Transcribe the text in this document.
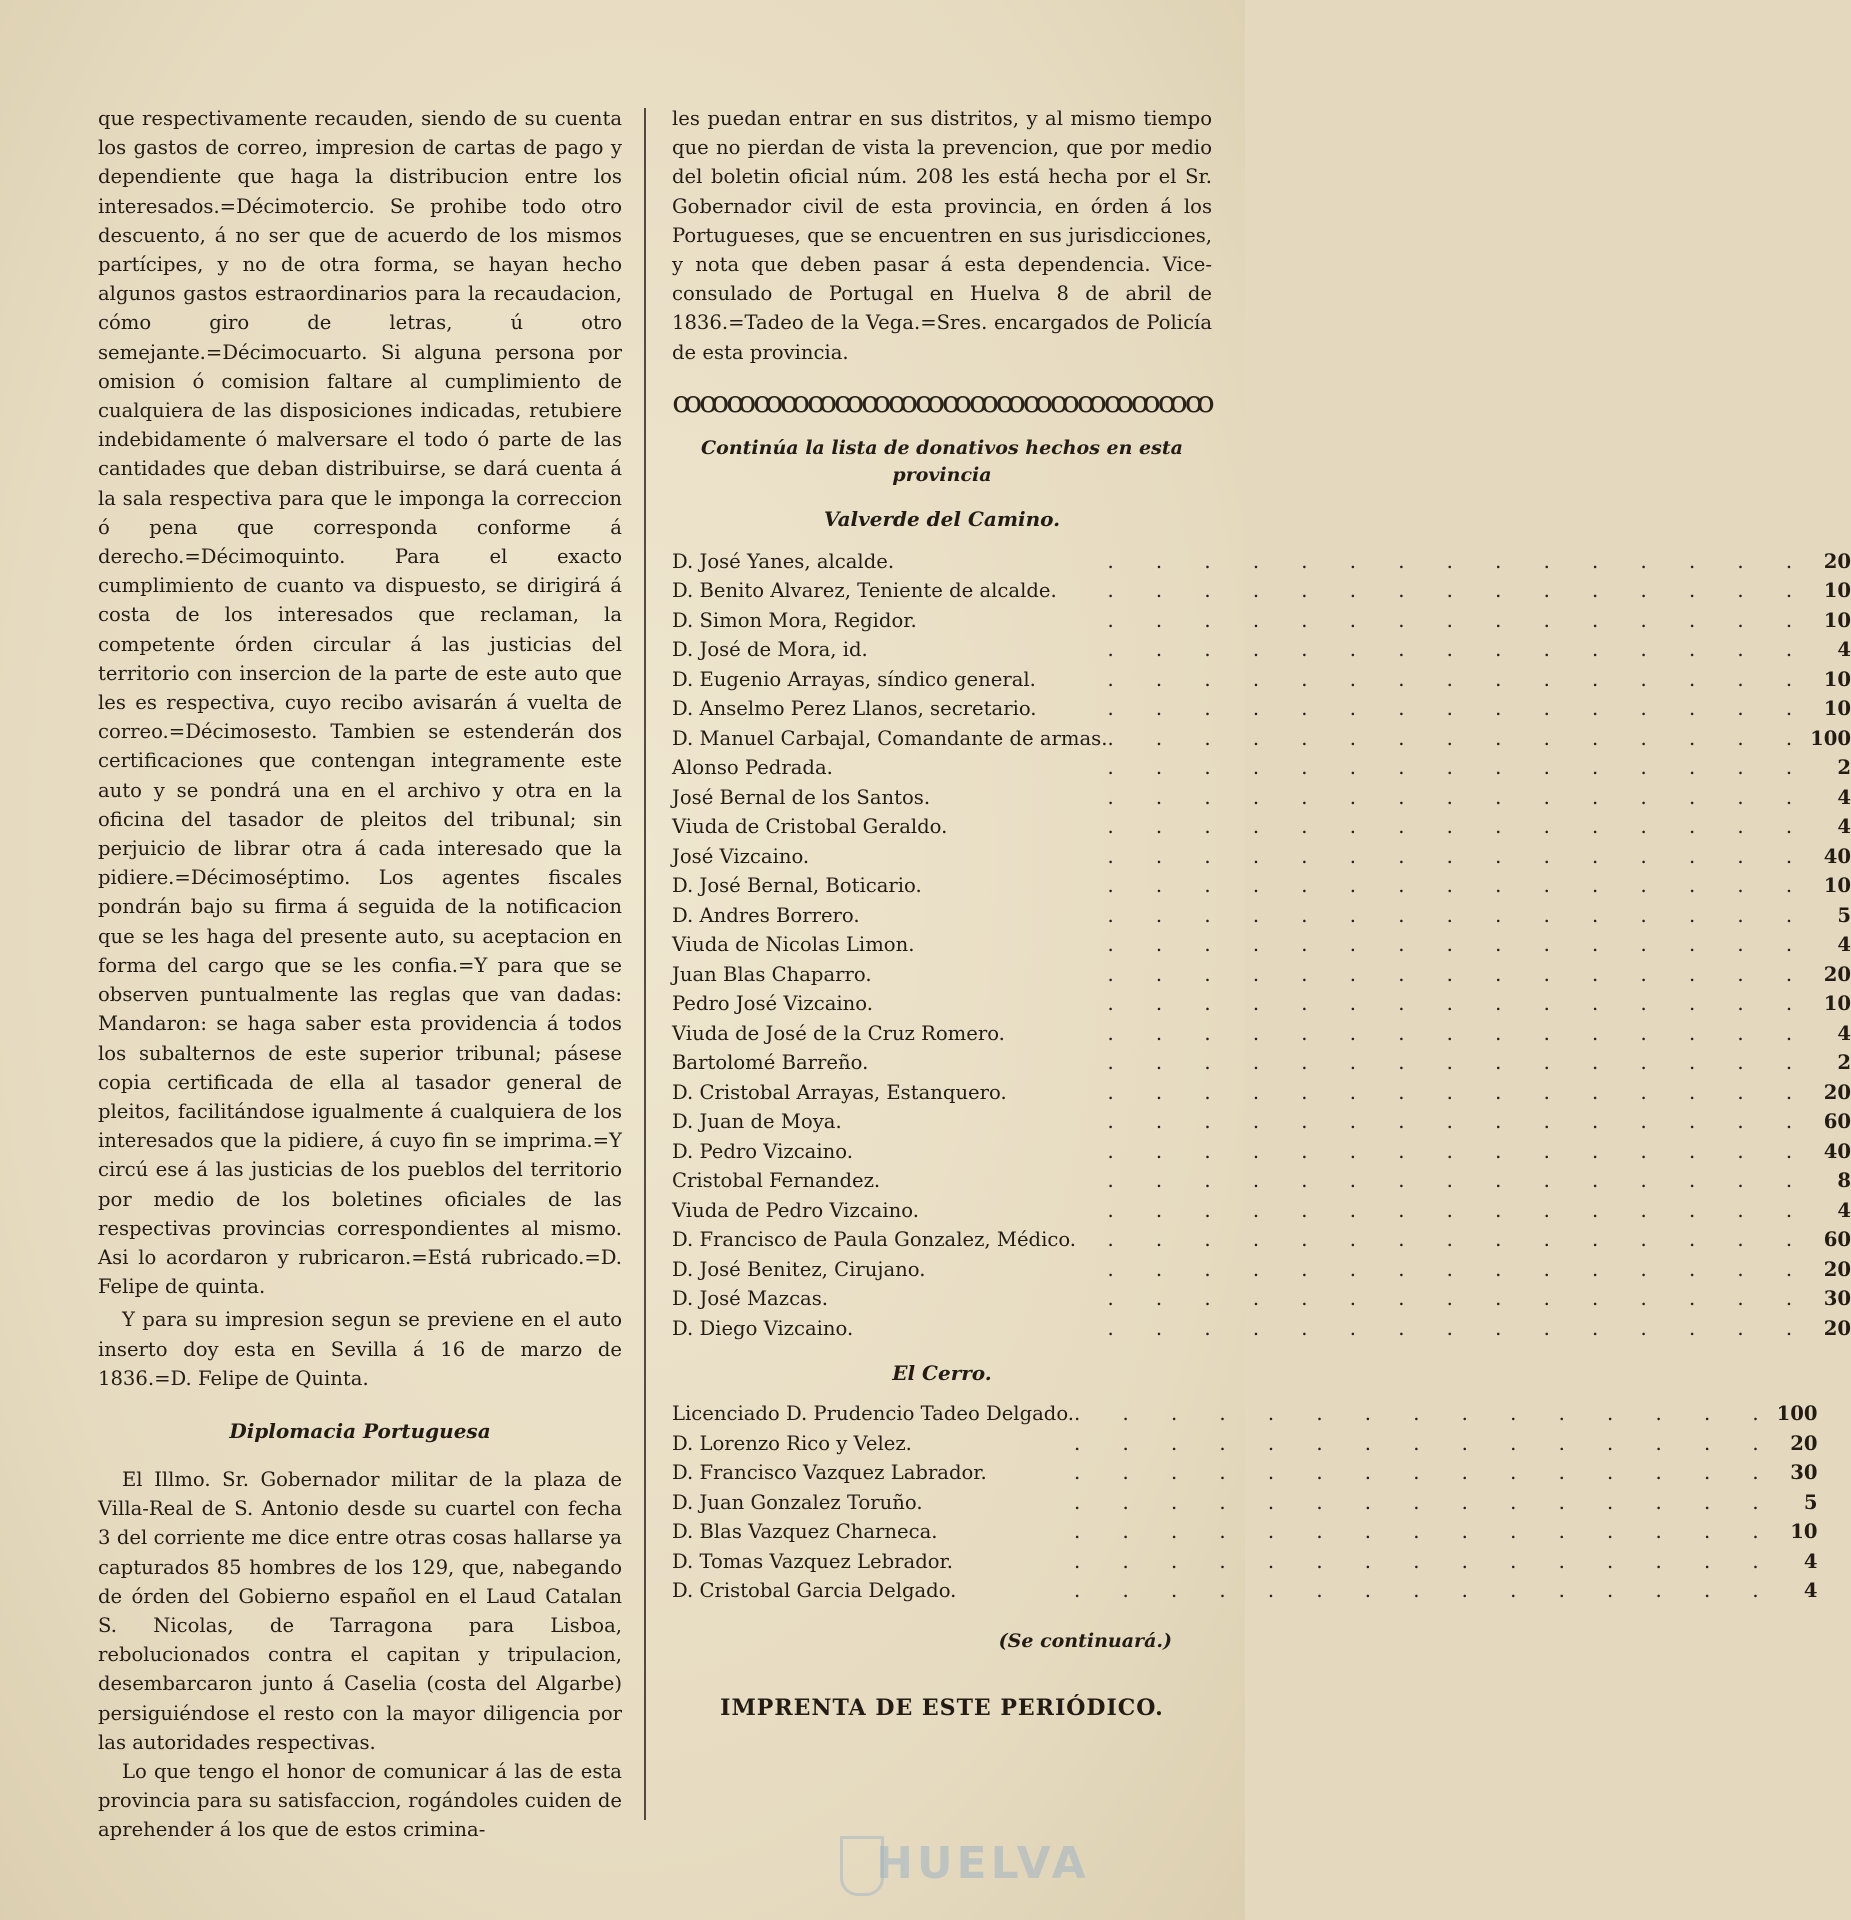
que respectivamente recauden, siendo de su cuenta los gastos de correo, impresion de cartas de pago y dependiente que haga la distribucion entre los interesados.=Décimotercio. Se prohibe todo otro descuento, á no ser que de acuerdo de los mismos partícipes, y no de otra forma, se hayan hecho algunos gastos estraordinarios para la recaudacion, cómo giro de letras, ú otro semejante.=Décimocuarto. Si alguna persona por omision ó comision faltare al cumplimiento de cualquiera de las disposiciones indicadas, retubiere indebidamente ó malversare el todo ó parte de las cantidades que deban distribuirse, se dará cuenta á la sala respectiva para que le imponga la correccion ó pena que corresponda conforme á derecho.=Décimoquinto. Para el exacto cumplimiento de cuanto va dispuesto, se dirigirá á costa de los interesados que reclaman, la competente órden circular á las justicias del territorio con insercion de la parte de este auto que les es respectiva, cuyo recibo avisarán á vuelta de correo.=Décimosesto. Tambien se estenderán dos certificaciones que contengan integramente este auto y se pondrá una en el archivo y otra en la oficina del tasador de pleitos del tribunal; sin perjuicio de librar otra á cada interesado que la pidiere.=Décimoséptimo. Los agentes fiscales pondrán bajo su firma á seguida de la notificacion que se les haga del presente auto, su aceptacion en forma del cargo que se les confia.=Y para que se observen puntualmente las reglas que van dadas: Mandaron: se haga saber esta providencia á todos los subalternos de este superior tribunal; pásese copia certificada de ella al tasador general de pleitos, facilitándose igualmente á cualquiera de los interesados que la pidiere, á cuyo fin se imprima.=Y circú ese á las justicias de los pueblos del territorio por medio de los boletines oficiales de las respectivas provincias correspondientes al mismo. Asi lo acordaron y rubricaron.=Está rubricado.=D. Felipe de quinta.

Y para su impresion segun se previene en el auto inserto doy esta en Sevilla á 16 de marzo de 1836.=D. Felipe de Quinta.

Diplomacia Portuguesa

El Illmo. Sr. Gobernador militar de la plaza de Villa-Real de S. Antonio desde su cuartel con fecha 3 del corriente me dice entre otras cosas hallarse ya capturados 85 hombres de los 129, que, nabegando de órden del Gobierno español en el Laud Catalan S. Nicolas, de Tarragona para Lisboa, rebolucionados contra el capitan y tripulacion, desembarcaron junto á Caselia (costa del Algarbe) persiguiéndose el resto con la mayor diligencia por las autoridades respectivas.

Lo que tengo el honor de comunicar á las de esta provincia para su satisfaccion, rogándoles cuiden de aprehender á los que de estos crimina-

les puedan entrar en sus distritos, y al mismo tiempo que no pierdan de vista la prevencion, que por medio del boletin oficial núm. 208 les está hecha por el Sr. Gobernador civil de esta provincia, en órden á los Portugueses, que se encuentren en sus jurisdicciones, y nota que deben pasar á esta dependencia. Vice-consulado de Portugal en Huelva 8 de abril de 1836.=Tadeo de la Vega.=Sres. encargados de Policía de esta provincia.

ꝏꝏꝏꝏꝏꝏꝏꝏꝏꝏꝏꝏꝏꝏꝏꝏꝏꝏꝏꝏ

Continúa la lista de donativos hechos en esta provincia

Valverde del Camino.

D. José Yanes, alcalde.	. . . . . . . . . . . . . . .	20
D. Benito Alvarez, Teniente de alcalde.	. . . . . . . . . . . . . . .	10
D. Simon Mora, Regidor.	. . . . . . . . . . . . . . .	10
D. José de Mora, id.	. . . . . . . . . . . . . . .	4
D. Eugenio Arrayas, síndico general.	. . . . . . . . . . . . . . .	10
D. Anselmo Perez Llanos, secretario.	. . . . . . . . . . . . . . .	10
D. Manuel Carbajal, Comandante de armas.	. . . . . . . . . . . . . . .	100
Alonso Pedrada.	. . . . . . . . . . . . . . .	2
José Bernal de los Santos.	. . . . . . . . . . . . . . .	4
Viuda de Cristobal Geraldo.	. . . . . . . . . . . . . . .	4
José Vizcaino.	. . . . . . . . . . . . . . .	40
D. José Bernal, Boticario.	. . . . . . . . . . . . . . .	10
D. Andres Borrero.	. . . . . . . . . . . . . . .	5
Viuda de Nicolas Limon.	. . . . . . . . . . . . . . .	4
Juan Blas Chaparro.	. . . . . . . . . . . . . . .	20
Pedro José Vizcaino.	. . . . . . . . . . . . . . .	10
Viuda de José de la Cruz Romero.	. . . . . . . . . . . . . . .	4
Bartolomé Barreño.	. . . . . . . . . . . . . . .	2
D. Cristobal Arrayas, Estanquero.	. . . . . . . . . . . . . . .	20
D. Juan de Moya.	. . . . . . . . . . . . . . .	60
D. Pedro Vizcaino.	. . . . . . . . . . . . . . .	40
Cristobal Fernandez.	. . . . . . . . . . . . . . .	8
Viuda de Pedro Vizcaino.	. . . . . . . . . . . . . . .	4
D. Francisco de Paula Gonzalez, Médico.	. . . . . . . . . . . . . . .	60
D. José Benitez, Cirujano.	. . . . . . . . . . . . . . .	20
D. José Mazcas.	. . . . . . . . . . . . . . .	30
D. Diego Vizcaino.	. . . . . . . . . . . . . . .	20

El Cerro.

Licenciado D. Prudencio Tadeo Delgado.	. . . . . . . . . . . . . . .	100
D. Lorenzo Rico y Velez.	. . . . . . . . . . . . . . .	20
D. Francisco Vazquez Labrador.	. . . . . . . . . . . . . . .	30
D. Juan Gonzalez Toruño.	. . . . . . . . . . . . . . .	5
D. Blas Vazquez Charneca.	. . . . . . . . . . . . . . .	10
D. Tomas Vazquez Lebrador.	. . . . . . . . . . . . . . .	4
D. Cristobal Garcia Delgado.	. . . . . . . . . . . . . . .	4

(Se continuará.)

IMPRENTA DE ESTE PERIÓDICO.

HUELVA
